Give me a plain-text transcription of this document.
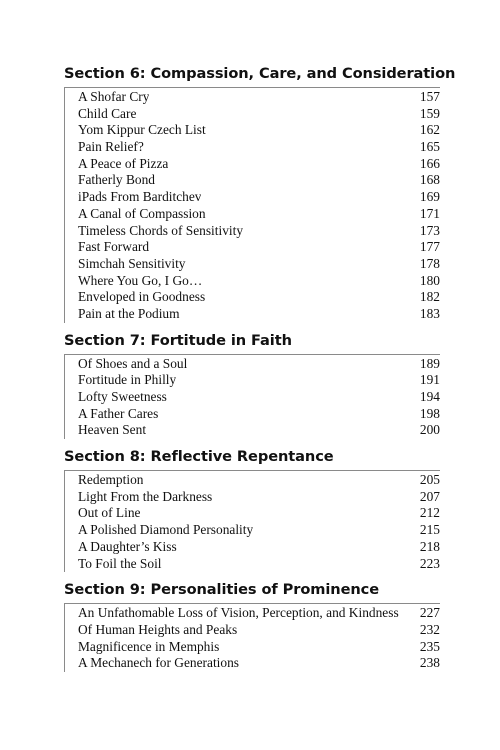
Section 6: Compassion, Care, and Consideration
A Shofar Cry	157
Child Care	159
Yom Kippur Czech List	162
Pain Relief?	165
A Peace of Pizza	166
Fatherly Bond	168
iPads From Barditchev	169
A Canal of Compassion	171
Timeless Chords of Sensitivity	173
Fast Forward	177
Simchah Sensitivity	178
Where You Go, I Go…	180
Enveloped in Goodness	182
Pain at the Podium	183
Section 7: Fortitude in Faith
Of Shoes and a Soul	189
Fortitude in Philly	191
Lofty Sweetness	194
A Father Cares	198
Heaven Sent	200
Section 8: Reflective Repentance
Redemption	205
Light From the Darkness	207
Out of Line	212
A Polished Diamond Personality	215
A Daughter’s Kiss	218
To Foil the Soil	223
Section 9: Personalities of Prominence
An Unfathomable Loss of Vision, Perception, and Kindness	227
Of Human Heights and Peaks	232
Magnificence in Memphis	235
A Mechanech for Generations	238
